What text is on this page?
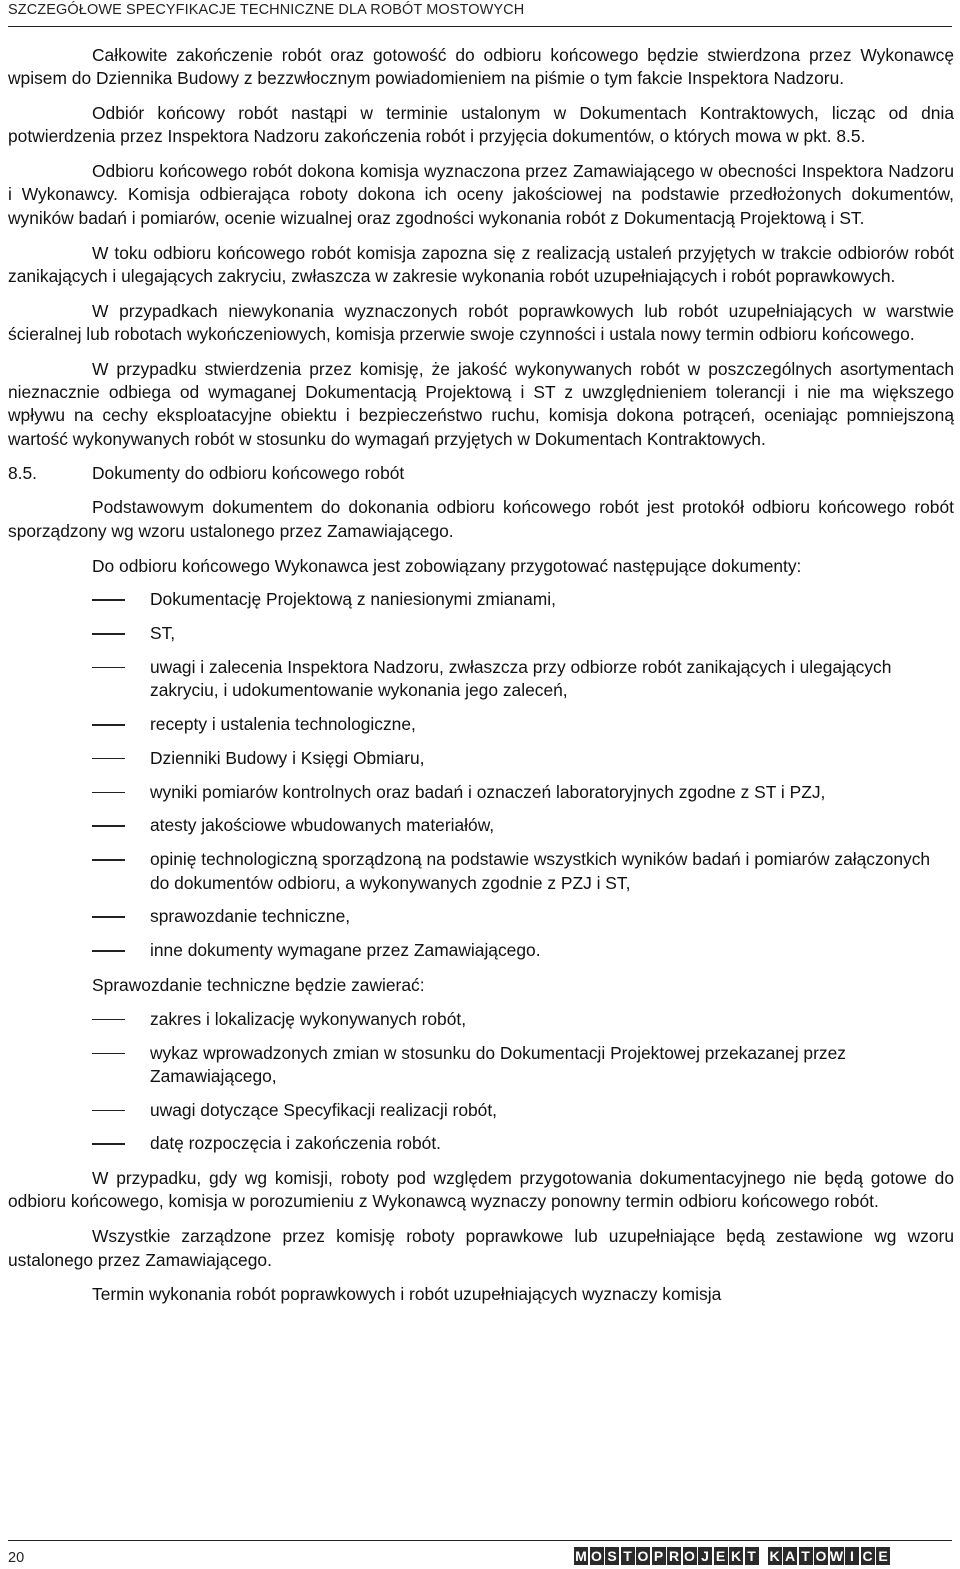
SZCZEGÓŁOWE SPECYFIKACJE TECHNICZNE DLA ROBÓT MOSTOWYCH

Całkowite zakończenie robót oraz gotowość do odbioru końcowego będzie stwierdzona przez Wykonawcę wpisem do Dziennika Budowy z bezzwłocznym powiadomieniem na piśmie o tym fakcie Inspektora Nadzoru.

Odbiór końcowy robót nastąpi w terminie ustalonym w Dokumentach Kontraktowych, licząc od dnia potwierdzenia przez Inspektora Nadzoru zakończenia robót i przyjęcia dokumentów, o których mowa w pkt. 8.5.

Odbioru końcowego robót dokona komisja wyznaczona przez Zamawiającego w obecności Inspektora Nadzoru i Wykonawcy. Komisja odbierająca roboty dokona ich oceny jakościowej na podstawie przedłożonych dokumentów, wyników badań i pomiarów, ocenie wizualnej oraz zgodności wykonania robót z Dokumentacją Projektową i ST.

W toku odbioru końcowego robót komisja zapozna się z realizacją ustaleń przyjętych w trakcie odbiorów robót zanikających i ulegających zakryciu, zwłaszcza w zakresie wykonania robót uzupełniających i robót poprawkowych.

W przypadkach niewykonania wyznaczonych robót poprawkowych lub robót uzupełniających w warstwie ścieralnej lub robotach wykończeniowych, komisja przerwie swoje czynności i ustala nowy termin odbioru końcowego.

W przypadku stwierdzenia przez komisję, że jakość wykonywanych robót w poszczególnych asortymentach nieznacznie odbiega od wymaganej Dokumentacją Projektową i ST z uwzględnieniem tolerancji i nie ma większego wpływu na cechy eksploatacyjne obiektu i bezpieczeństwo ruchu, komisja dokona potrąceń, oceniając pomniejszoną wartość wykonywanych robót w stosunku do wymagań przyjętych w Dokumentach Kontraktowych.

8.5.	Dokumenty do odbioru końcowego robót

Podstawowym dokumentem do dokonania odbioru końcowego robót jest protokół odbioru końcowego robót sporządzony wg wzoru ustalonego przez Zamawiającego.

Do odbioru końcowego Wykonawca jest zobowiązany przygotować następujące dokumenty:

Dokumentację Projektową z naniesionymi zmianami,
ST,
uwagi i zalecenia Inspektora Nadzoru, zwłaszcza przy odbiorze robót zanikających i ulegających zakryciu, i udokumentowanie wykonania jego zaleceń,
recepty i ustalenia technologiczne,
Dzienniki Budowy i Księgi Obmiaru,
wyniki pomiarów kontrolnych oraz badań i oznaczeń laboratoryjnych zgodne z ST i PZJ,
atesty jakościowe wbudowanych materiałów,
opinię technologiczną sporządzoną na podstawie wszystkich wyników badań i pomiarów załączonych do dokumentów odbioru, a wykonywanych zgodnie z PZJ i ST,
sprawozdanie techniczne,
inne dokumenty wymagane przez Zamawiającego.

Sprawozdanie techniczne będzie zawierać:

zakres i lokalizację wykonywanych robót,
wykaz wprowadzonych zmian w stosunku do Dokumentacji Projektowej przekazanej przez Zamawiającego,
uwagi dotyczące Specyfikacji realizacji robót,
datę rozpoczęcia i zakończenia robót.

W przypadku, gdy wg komisji, roboty pod względem przygotowania dokumentacyjnego nie będą gotowe do odbioru końcowego, komisja w porozumieniu z Wykonawcą wyznaczy ponowny termin odbioru końcowego robót.

Wszystkie zarządzone przez komisję roboty poprawkowe lub uzupełniające będą zestawione wg wzoru ustalonego przez Zamawiającego.

Termin wykonania robót poprawkowych i robót uzupełniających wyznaczy komisja

20	M O S T O P R O J E K T K A T O W I C E
